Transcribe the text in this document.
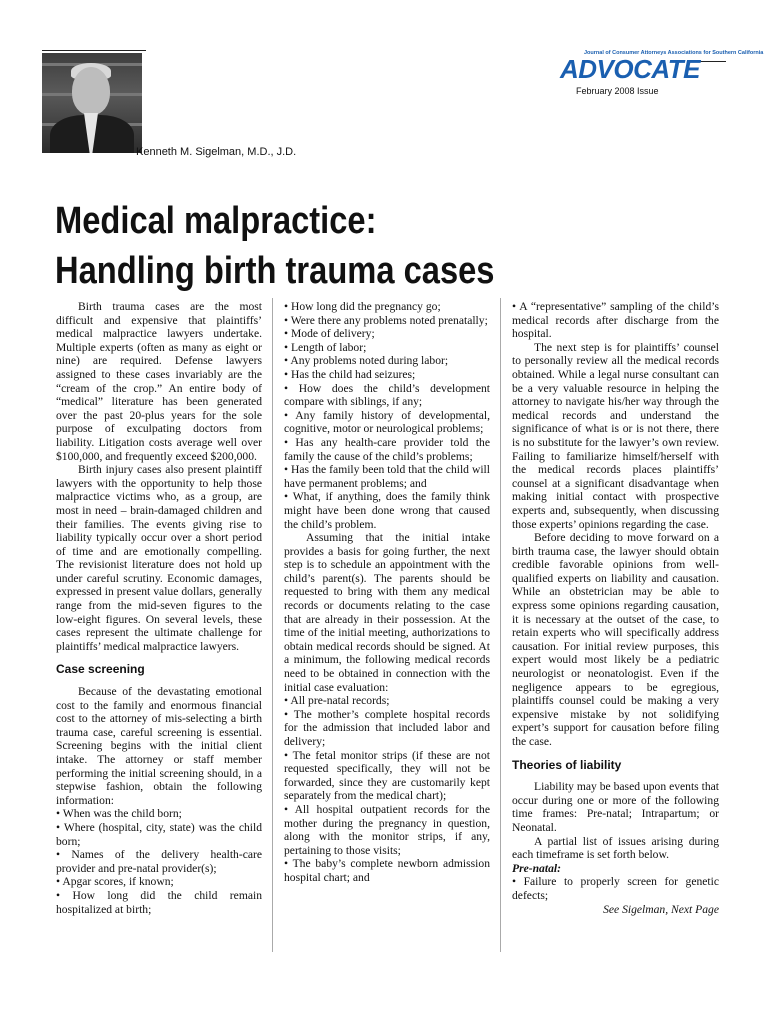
Journal of Consumer Attorneys Associations for Southern California
ADVOCATE
February 2008 Issue
Kenneth M. Sigelman, M.D., J.D.
Medical malpractice:
Handling birth trauma cases

Birth trauma cases are the most difficult and expensive that plaintiffs’ medical malpractice lawyers undertake. Multiple experts (often as many as eight or nine) are required. Defense lawyers assigned to these cases invariably are the “cream of the crop.” An entire body of “medical” literature has been generated over the past 20-plus years for the sole purpose of exculpating doctors from liability. Litigation costs average well over $100,000, and frequently exceed $200,000.

Birth injury cases also present plaintiff lawyers with the opportunity to help those malpractice victims who, as a group, are most in need – brain-damaged children and their families. The events giving rise to liability typically occur over a short period of time and are emotionally compelling. The revisionist literature does not hold up under careful scrutiny. Economic damages, expressed in present value dollars, generally range from the mid-seven figures to the low-eight figures. On several levels, these cases represent the ultimate challenge for plaintiffs’ medical malpractice lawyers.

Case screening

Because of the devastating emotional cost to the family and enormous financial cost to the attorney of mis-selecting a birth trauma case, careful screening is essential. Screening begins with the initial client intake. The attorney or staff member performing the initial screening should, in a stepwise fashion, obtain the following information:

• When was the child born;

• Where (hospital, city, state) was the child born;

• Names of the delivery health-care provider and pre-natal provider(s);

• Apgar scores, if known;

• How long did the child remain hospitalized at birth;

• How long did the pregnancy go;

• Were there any problems noted prenatally;

• Mode of delivery;

• Length of labor;

• Any problems noted during labor;

• Has the child had seizures;

• How does the child’s development compare with siblings, if any;

• Any family history of developmental, cognitive, motor or neurological problems;

• Has any health-care provider told the family the cause of the child’s problems;

• Has the family been told that the child will have permanent problems; and

• What, if anything, does the family think might have been done wrong that caused the child’s problem.

Assuming that the initial intake provides a basis for going further, the next step is to schedule an appointment with the child’s parent(s). The parents should be requested to bring with them any medical records or documents relating to the case that are already in their possession. At the time of the initial meeting, authorizations to obtain medical records should be signed. At a minimum, the following medical records need to be obtained in connection with the initial case evaluation:

• All pre-natal records;

• The mother’s complete hospital records for the admission that included labor and delivery;

• The fetal monitor strips (if these are not requested specifically, they will not be forwarded, since they are customarily kept separately from the medical chart);

• All hospital outpatient records for the mother during the pregnancy in question, along with the monitor strips, if any, pertaining to those visits;

• The baby’s complete newborn admission hospital chart; and

• A “representative” sampling of the child’s medical records after discharge from the hospital.

The next step is for plaintiffs’ counsel to personally review all the medical records obtained. While a legal nurse consultant can be a very valuable resource in helping the attorney to navigate his/her way through the medical records and understand the significance of what is or is not there, there is no substitute for the lawyer’s own review. Failing to familiarize himself/herself with the medical records places plaintiffs’ counsel at a significant disadvantage when making initial contact with prospective experts and, subsequently, when discussing those experts’ opinions regarding the case.

Before deciding to move forward on a birth trauma case, the lawyer should obtain credible favorable opinions from well-qualified experts on liability and causation. While an obstetrician may be able to express some opinions regarding causation, it is necessary at the outset of the case, to retain experts who will specifically address causation. For initial review purposes, this expert would most likely be a pediatric neurologist or neonatologist. Even if the negligence appears to be egregious, plaintiffs counsel could be making a very expensive mistake by not solidifying expert’s support for causation before filing the case.

Theories of liability

Liability may be based upon events that occur during one or more of the following time frames: Pre-natal; Intrapartum; or Neonatal.

A partial list of issues arising during each timeframe is set forth below.

Pre-natal:

• Failure to properly screen for genetic defects;

See Sigelman, Next Page
